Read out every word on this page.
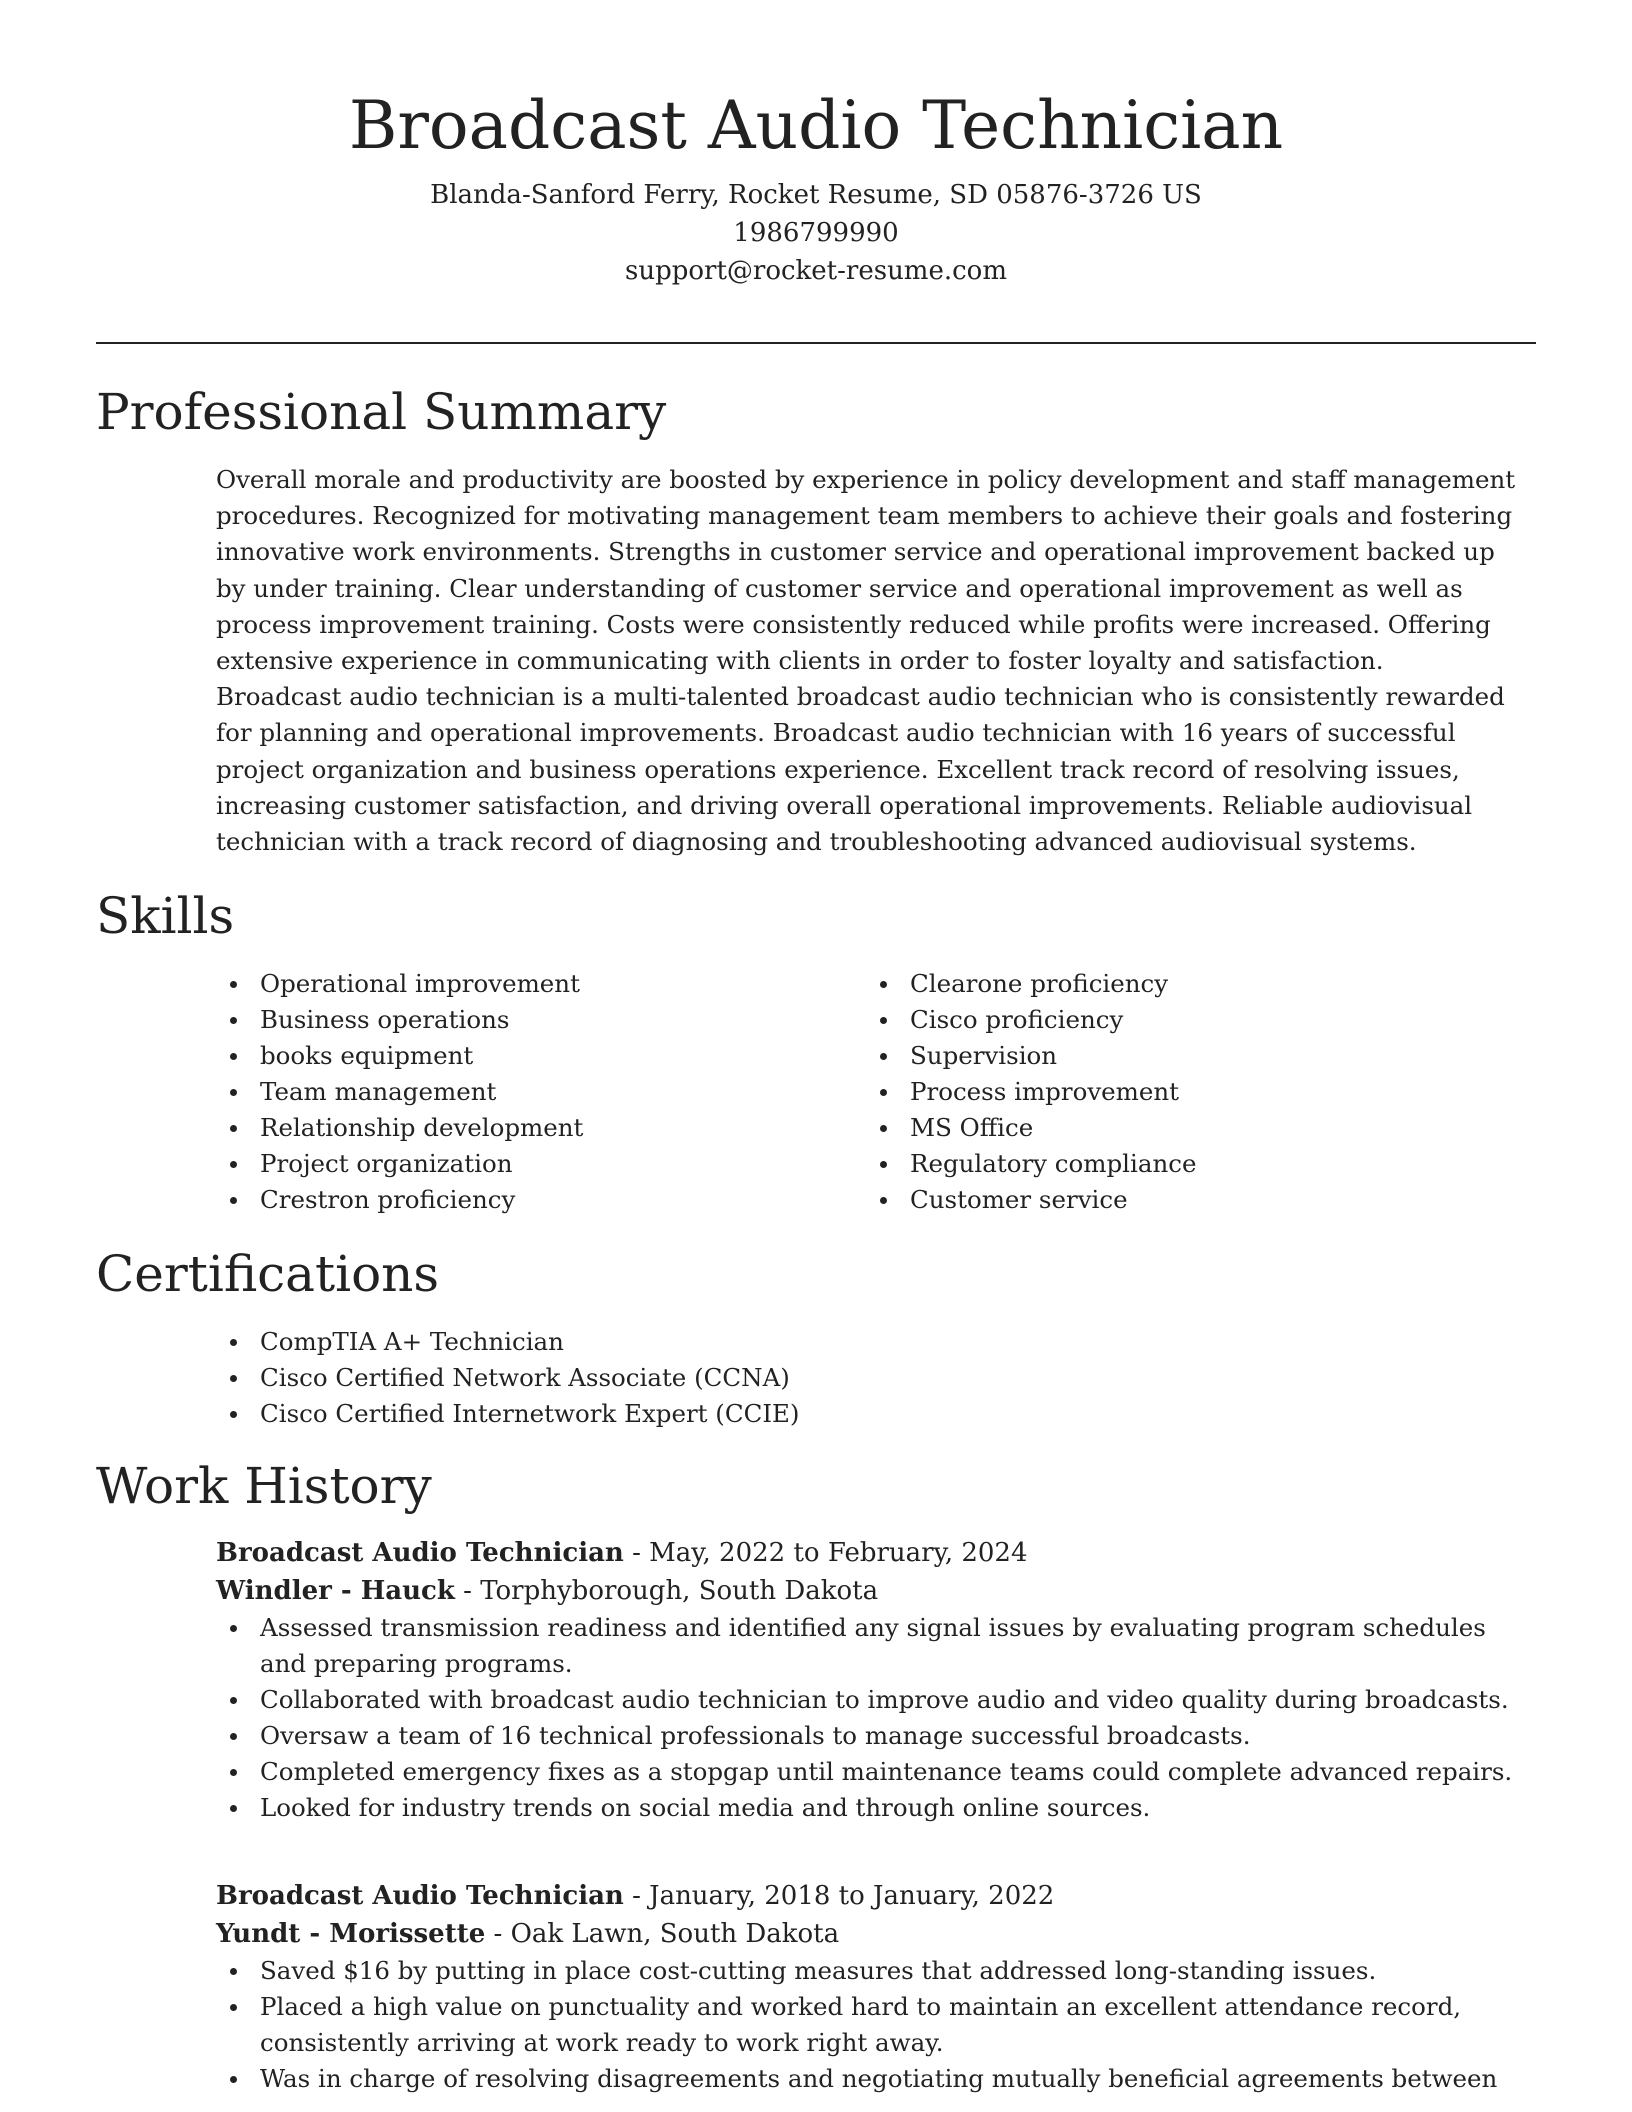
Broadcast Audio Technician

Blanda-Sanford Ferry, Rocket Resume, SD 05876-3726 US

1986799990

support@rocket-resume.com

Professional Summary

Overall morale and productivity are boosted by experience in policy development and staff management procedures. Recognized for motivating management team members to achieve their goals and fostering innovative work environments. Strengths in customer service and operational improvement backed up by under training. Clear understanding of customer service and operational improvement as well as process improvement training. Costs were consistently reduced while profits were increased. Offering extensive experience in communicating with clients in order to foster loyalty and satisfaction. Broadcast audio technician is a multi-talented broadcast audio technician who is consistently rewarded for planning and operational improvements. Broadcast audio technician with 16 years of successful project organization and business operations experience. Excellent track record of resolving issues, increasing customer satisfaction, and driving overall operational improvements. Reliable audiovisual technician with a track record of diagnosing and troubleshooting advanced audiovisual systems.

Skills
Operational improvement
Business operations
books equipment
Team management
Relationship development
Project organization
Crestron proficiency
Clearone proficiency
Cisco proficiency
Supervision
Process improvement
MS Office
Regulatory compliance
Customer service
Certifications
CompTIA A+ Technician
Cisco Certified Network Associate (CCNA)
Cisco Certified Internetwork Expert (CCIE)
Work History

Broadcast Audio Technician - May, 2022 to February, 2024

Windler - Hauck - Torphyborough, South Dakota

Assessed transmission readiness and identified any signal issues by evaluating program schedules and preparing programs.
Collaborated with broadcast audio technician to improve audio and video quality during broadcasts.
Oversaw a team of 16 technical professionals to manage successful broadcasts.
Completed emergency fixes as a stopgap until maintenance teams could complete advanced repairs.
Looked for industry trends on social media and through online sources.

Broadcast Audio Technician - January, 2018 to January, 2022

Yundt - Morissette - Oak Lawn, South Dakota

Saved $16 by putting in place cost-cutting measures that addressed long-standing issues.
Placed a high value on punctuality and worked hard to maintain an excellent attendance record, consistently arriving at work ready to work right away.
Was in charge of resolving disagreements and negotiating mutually beneficial agreements between
